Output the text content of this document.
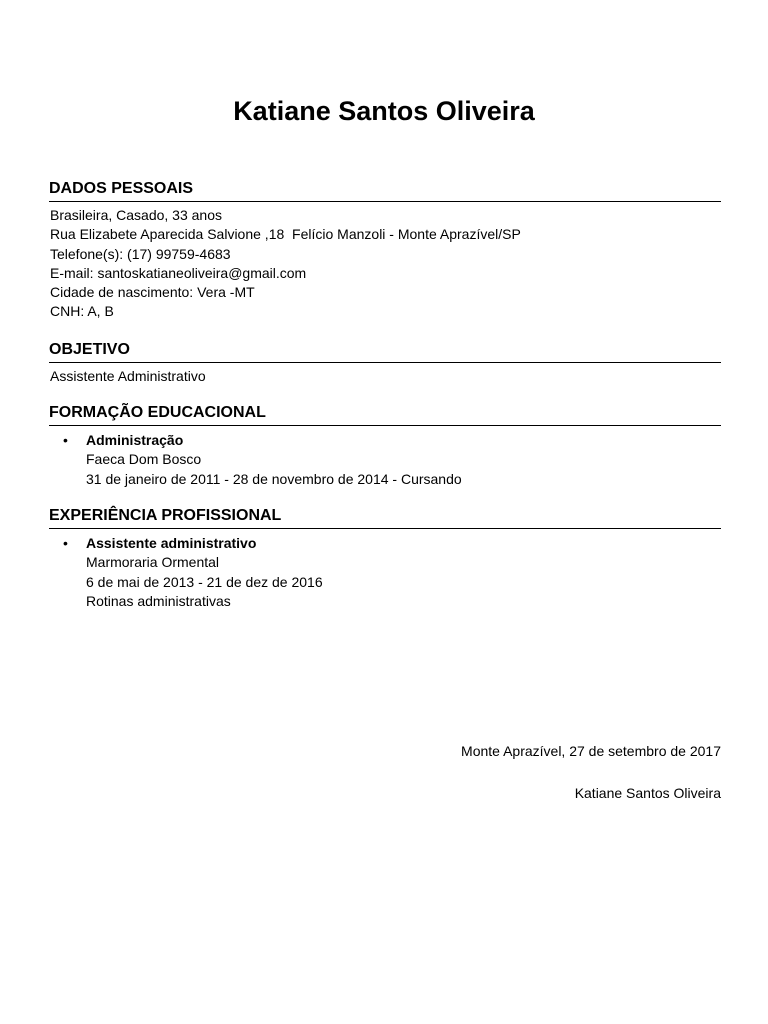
Katiane Santos Oliveira
DADOS PESSOAIS
Brasileira, Casado, 33 anos
Rua Elizabete Aparecida Salvione ,18  Felício Manzoli - Monte Aprazível/SP
Telefone(s): (17) 99759-4683
E-mail: santoskatianeoliveira@gmail.com
Cidade de nascimento: Vera -MT
CNH: A, B
OBJETIVO
Assistente Administrativo
FORMAÇÃO EDUCACIONAL
• Administração
Faeca Dom Bosco
31 de janeiro de 2011 - 28 de novembro de 2014 - Cursando
EXPERIÊNCIA PROFISSIONAL
• Assistente administrativo
Marmoraria Ormental
6 de mai de 2013 - 21 de dez de 2016
Rotinas administrativas
Monte Aprazível, 27 de setembro de 2017
Katiane Santos Oliveira
